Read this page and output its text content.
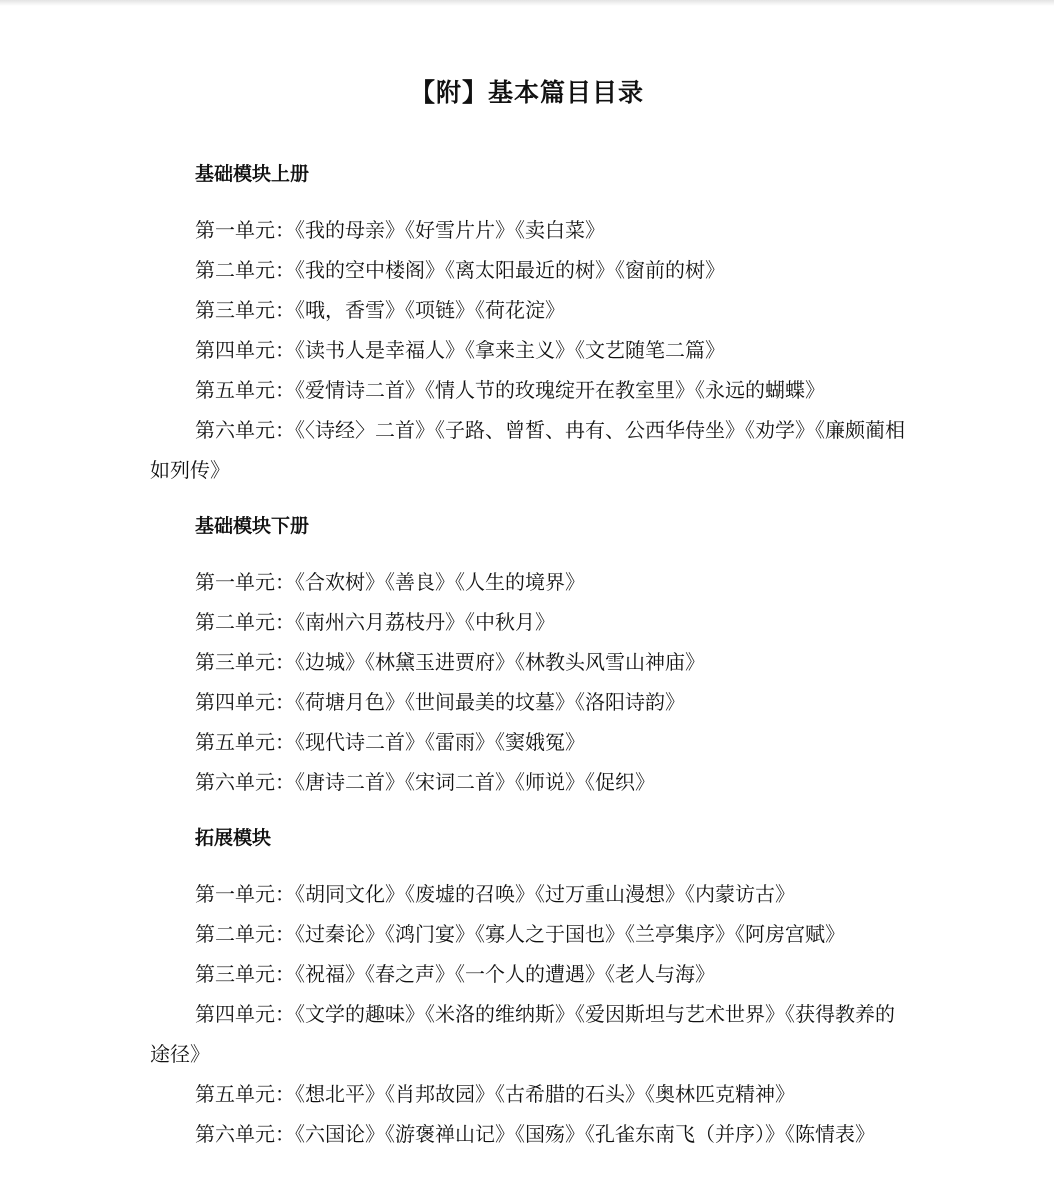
【附】基本篇目目录
基础模块上册
第一单元：《我的母亲》《好雪片片》《卖白菜》
第二单元：《我的空中楼阁》《离太阳最近的树》《窗前的树》
第三单元：《哦，香雪》《项链》《荷花淀》
第四单元：《读书人是幸福人》《拿来主义》《文艺随笔二篇》
第五单元：《爱情诗二首》《情人节的玫瑰绽开在教室里》《永远的蝴蝶》
第六单元：《〈诗经〉二首》《子路、曾皙、冉有、公西华侍坐》《劝学》《廉颇蔺相如列传》
基础模块下册
第一单元：《合欢树》《善良》《人生的境界》
第二单元：《南州六月荔枝丹》《中秋月》
第三单元：《边城》《林黛玉进贾府》《林教头风雪山神庙》
第四单元：《荷塘月色》《世间最美的坟墓》《洛阳诗韵》
第五单元：《现代诗二首》《雷雨》《窦娥冤》
第六单元：《唐诗二首》《宋词二首》《师说》《促织》
拓展模块
第一单元：《胡同文化》《废墟的召唤》《过万重山漫想》《内蒙访古》
第二单元：《过秦论》《鸿门宴》《寡人之于国也》《兰亭集序》《阿房宫赋》
第三单元：《祝福》《春之声》《一个人的遭遇》《老人与海》
第四单元：《文学的趣味》《米洛的维纳斯》《爱因斯坦与艺术世界》《获得教养的途径》
第五单元：《想北平》《肖邦故园》《古希腊的石头》《奥林匹克精神》
第六单元：《六国论》《游褒禅山记》《国殇》《孔雀东南飞（并序）》《陈情表》
